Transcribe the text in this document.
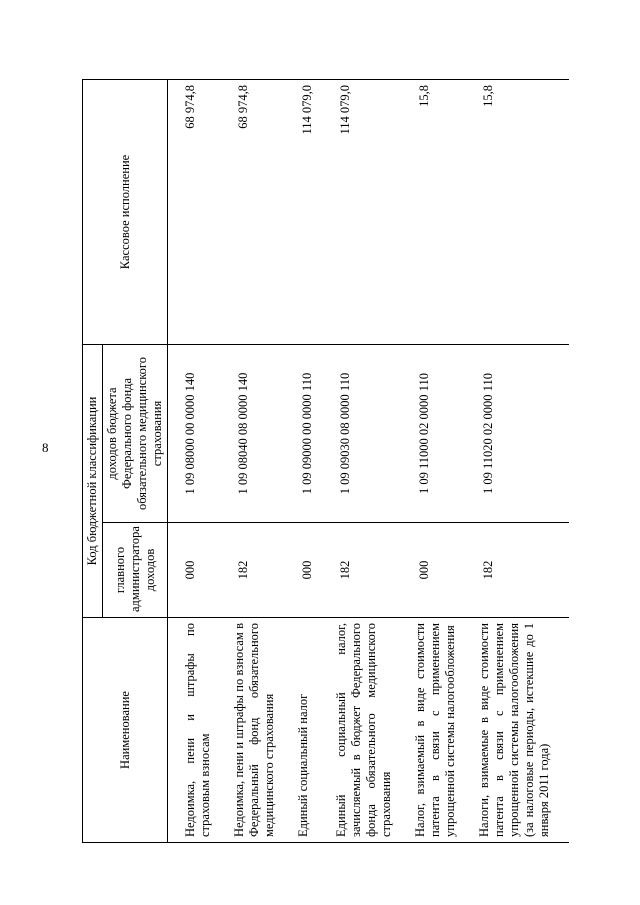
8
Наименование	Код бюджетной классификации		Кассовое исполнение
	главного администратора доходов	доходов бюджета Федерального фонда обязательного медицинского страхования	
Недоимка, пени и штрафы по страховым взносам	000	1 09 08000 00 0000 140	68 974,8
Недоимка, пени и штрафы по взносам в Федеральный фонд обязательного медицинского страхования	182	1 09 08040 08 0000 140	68 974,8
Единый социальный налог	000	1 09 09000 00 0000 110	114 079,0
Единый социальный налог, зачисляемый в бюджет Федерального фонда обязательного медицинского страхования	182	1 09 09030 08 0000 110	114 079,0
Налог, взимаемый в виде стоимости патента в связи с применением упрощенной системы налогообложения	000	1 09 11000 02 0000 110	15,8
Налоги, взимаемые в виде стоимости патента в связи с применением упрощенной системы налогообложения (за налоговые периоды, истекшие до 1 января 2011 года)	182	1 09 11020 02 0000 110	15,8
